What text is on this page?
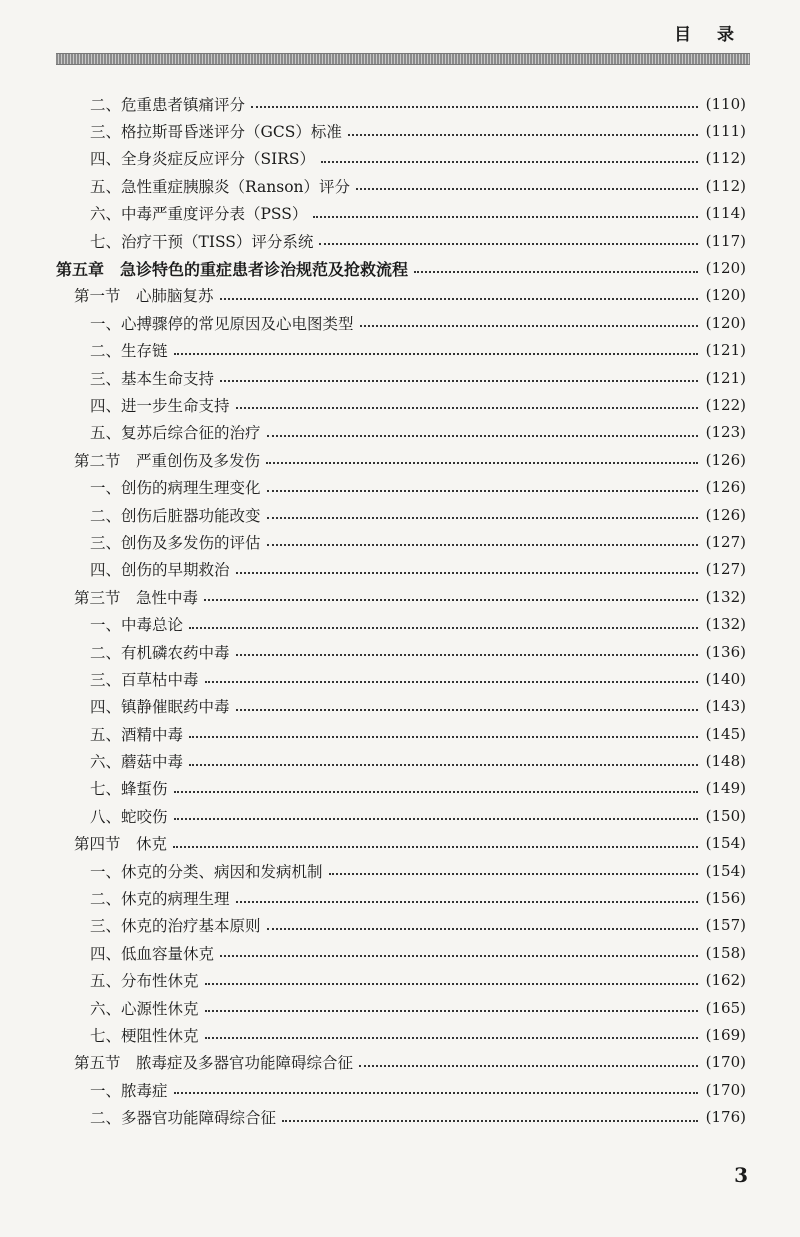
目 录
二、危重患者镇痛评分	(110)
三、格拉斯哥昏迷评分（GCS）标准	(111)
四、全身炎症反应评分（SIRS）	(112)
五、急性重症胰腺炎（Ranson）评分	(112)
六、中毒严重度评分表（PSS）	(114)
七、治疗干预（TISS）评分系统	(117)
第五章　急诊特色的重症患者诊治规范及抢救流程	(120)
第一节　心肺脑复苏	(120)
一、心搏骤停的常见原因及心电图类型	(120)
二、生存链	(121)
三、基本生命支持	(121)
四、进一步生命支持	(122)
五、复苏后综合征的治疗	(123)
第二节　严重创伤及多发伤	(126)
一、创伤的病理生理变化	(126)
二、创伤后脏器功能改变	(126)
三、创伤及多发伤的评估	(127)
四、创伤的早期救治	(127)
第三节　急性中毒	(132)
一、中毒总论	(132)
二、有机磷农药中毒	(136)
三、百草枯中毒	(140)
四、镇静催眠药中毒	(143)
五、酒精中毒	(145)
六、蘑菇中毒	(148)
七、蜂蜇伤	(149)
八、蛇咬伤	(150)
第四节　休克	(154)
一、休克的分类、病因和发病机制	(154)
二、休克的病理生理	(156)
三、休克的治疗基本原则	(157)
四、低血容量休克	(158)
五、分布性休克	(162)
六、心源性休克	(165)
七、梗阻性休克	(169)
第五节　脓毒症及多器官功能障碍综合征	(170)
一、脓毒症	(170)
二、多器官功能障碍综合征	(176)
3
